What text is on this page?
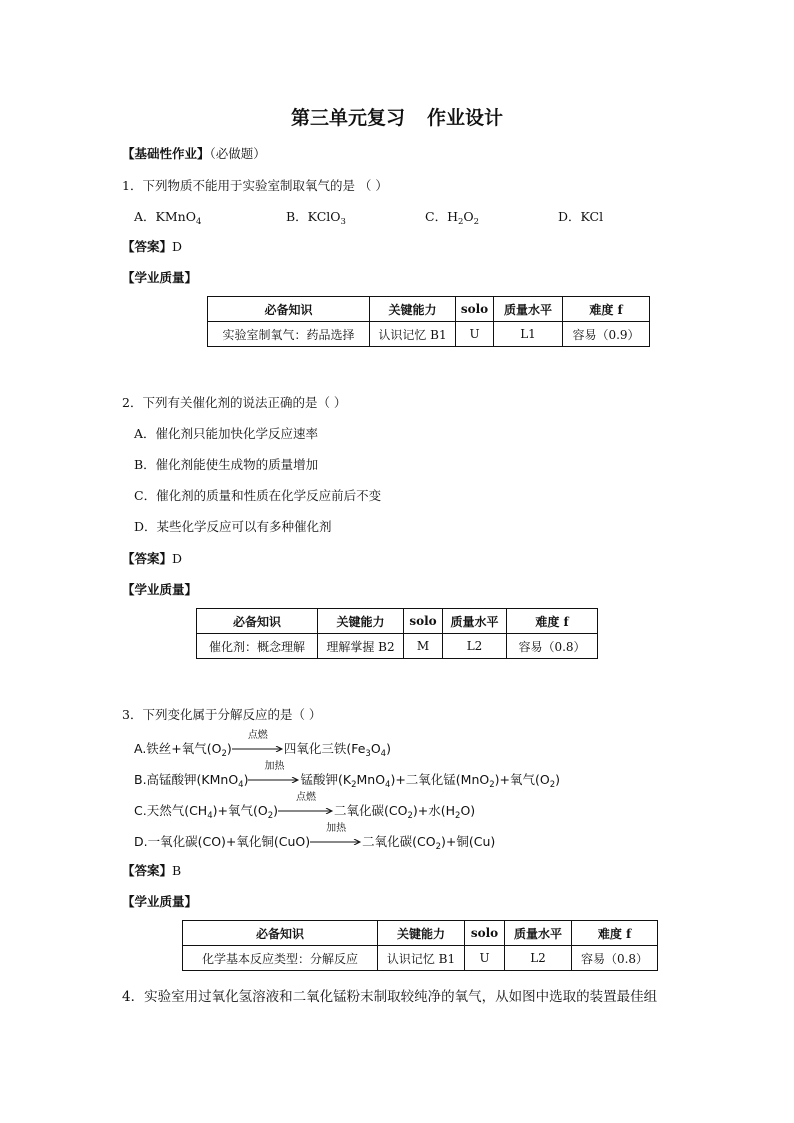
第三单元复习 作业设计
【基础性作业】（必做题）
1．下列物质不能用于实验室制取氧气的是 （ ）
A．KMnO$_4$	B．KClO$_3$	C．$H_2O_2$	D．KCl
【答案】D
【学业质量】
必备知识	关键能力	solo	质量水平	难度 f
实验室制氧气：药品选择	认识记忆 B1	U	L1	容易（0.9）
2．下列有关催化剂的说法正确的是（ ）
A．催化剂只能加快化学反应速率
B．催化剂能使生成物的质量增加
C．催化剂的质量和性质在化学反应前后不变
D．某些化学反应可以有多种催化剂
【答案】D
【学业质量】
必备知识	关键能力	solo	质量水平	难度 f
催化剂：概念理解	理解掌握 B2	M	L2	容易（0.8）
3．下列变化属于分解反应的是（ ）
A.铁丝+氧气$(O_2)$
点燃
四氧化三铁$(Fe_3O_4)$
B.高锰酸钾(KMnO$_4$)
加热
锰酸钾$(K_2MnO_4)+$二氧化锰(MnO$_2$)+氧气$(O_2)$
C.天然气$(CH_4)+$氧气$(O_2)$
点燃
二氧化碳$(CO_2)+$水$(H_2O)$
D.一氧化碳(CO)+氧化铜(CuO)
加热
二氧化碳$(CO_2)+$铜(Cu)
【答案】B
【学业质量】
必备知识	关键能力	solo	质量水平	难度 f
化学基本反应类型：分解反应	认识记忆 B1	U	L2	容易（0.8）
4．实验室用过氧化氢溶液和二氧化锰粉末制取较纯净的氧气，从如图中选取的装置最佳组
